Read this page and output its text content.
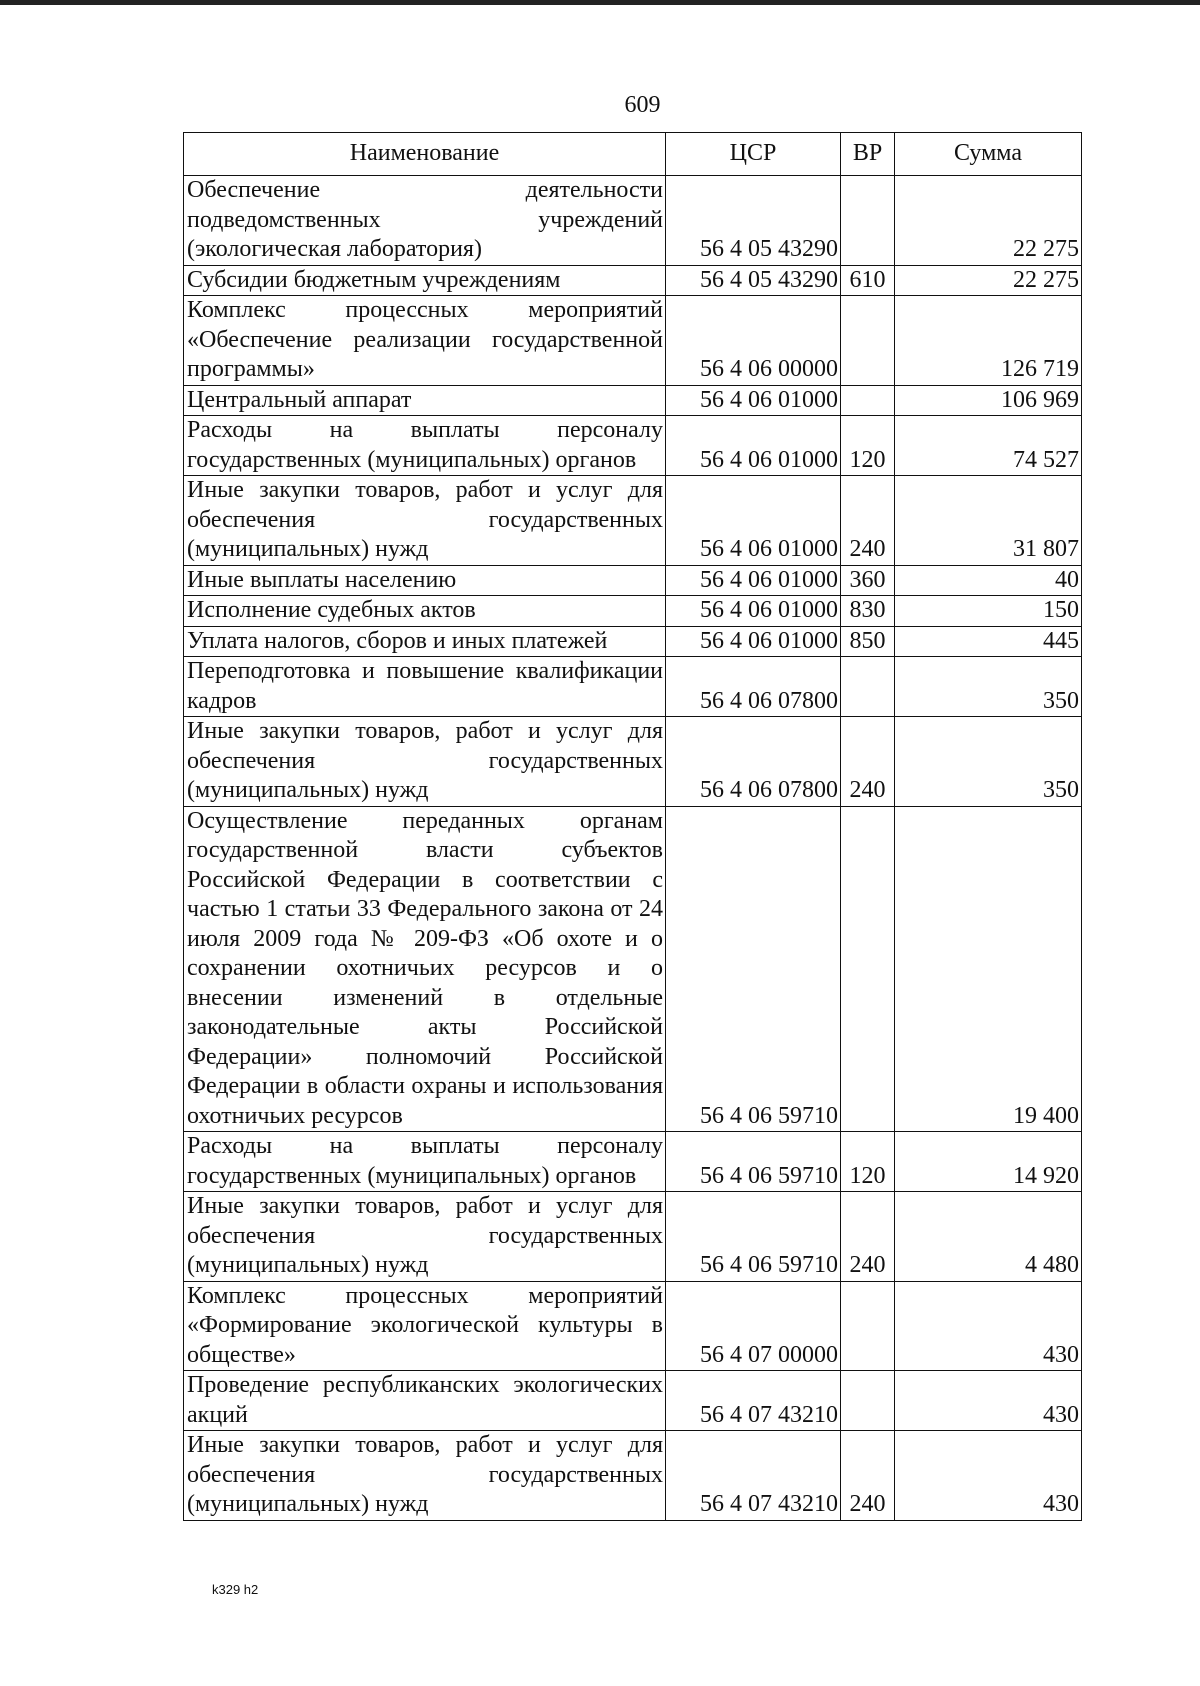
609
Наименование	ЦСР	ВР	Сумма
Обеспечение деятельности подведомственных учреждений (экологическая лаборатория)	56 4 05 43290		22 275
Субсидии бюджетным учреждениям	56 4 05 43290	610	22 275
Комплекс процессных мероприятий «Обеспечение реализации государственной программы»	56 4 06 00000		126 719
Центральный аппарат	56 4 06 01000		106 969
Расходы на выплаты персоналу государственных (муниципальных) органов	56 4 06 01000	120	74 527
Иные закупки товаров, работ и услуг для обеспечения государственных (муниципальных) нужд	56 4 06 01000	240	31 807
Иные выплаты населению	56 4 06 01000	360	40
Исполнение судебных актов	56 4 06 01000	830	150
Уплата налогов, сборов и иных платежей	56 4 06 01000	850	445
Переподготовка и повышение квалификации кадров	56 4 06 07800		350
Иные закупки товаров, работ и услуг для обеспечения государственных (муниципальных) нужд	56 4 06 07800	240	350
Осуществление переданных органам государственной власти субъектов Российской Федерации в соответствии с частью 1 статьи 33 Федерального закона от 24 июля 2009 года № 209-ФЗ «Об охоте и о сохранении охотничьих ресурсов и о внесении изменений в отдельные законодательные акты Российской Федерации» полномочий Российской Федерации в области охраны и использования охотничьих ресурсов	56 4 06 59710		19 400
Расходы на выплаты персоналу государственных (муниципальных) органов	56 4 06 59710	120	14 920
Иные закупки товаров, работ и услуг для обеспечения государственных (муниципальных) нужд	56 4 06 59710	240	4 480
Комплекс процессных мероприятий «Формирование экологической культуры в обществе»	56 4 07 00000		430
Проведение республиканских экологических акций	56 4 07 43210		430
Иные закупки товаров, работ и услуг для обеспечения государственных (муниципальных) нужд	56 4 07 43210	240	430
k329 h2
